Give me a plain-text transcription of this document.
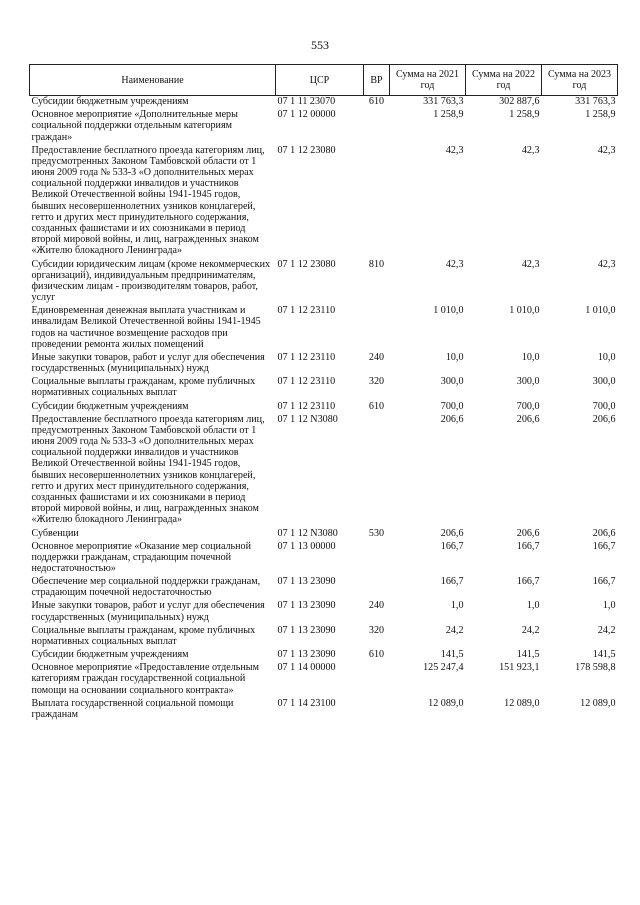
553
Наименование	ЦСР	ВР	Сумма на 2021 год	Сумма на 2022 год	Сумма на 2023 год
Субсидии бюджетным учреждениям	07 1 11 23070	610	331 763,3	302 887,6	331 763,3
Основное мероприятие «Дополнительные меры социальной поддержки отдельным категориям граждан»	07 1 12 00000		1 258,9	1 258,9	1 258,9
Предоставление бесплатного проезда категориям лиц, предусмотренных Законом Тамбовской области от 1 июня 2009 года № 533-З «О дополнительных мерах социальной поддержки инвалидов и участников Великой Отечественной войны 1941-1945 годов, бывших несовершеннолетних узников концлагерей, гетто и других мест принудительного содержания, созданных фашистами и их союзниками в период второй мировой войны, и лиц, награжденных знаком «Жителю блокадного Ленинграда»	07 1 12 23080		42,3	42,3	42,3
Субсидии юридическим лицам (кроме некоммерческих организаций), индивидуальным предпринимателям, физическим лицам - производителям товаров, работ, услуг	07 1 12 23080	810	42,3	42,3	42,3
Единовременная денежная выплата участникам и инвалидам Великой Отечественной войны 1941-1945 годов на частичное возмещение расходов при проведении ремонта жилых помещений	07 1 12 23110		1 010,0	1 010,0	1 010,0
Иные закупки товаров, работ и услуг для обеспечения государственных (муниципальных) нужд	07 1 12 23110	240	10,0	10,0	10,0
Социальные выплаты гражданам, кроме публичных нормативных социальных выплат	07 1 12 23110	320	300,0	300,0	300,0
Субсидии бюджетным учреждениям	07 1 12 23110	610	700,0	700,0	700,0
Предоставление бесплатного проезда категориям лиц, предусмотренных Законом Тамбовской области от 1 июня 2009 года № 533-З «О дополнительных мерах социальной поддержки инвалидов и участников Великой Отечественной войны 1941-1945 годов, бывших несовершеннолетних узников концлагерей, гетто и других мест принудительного содержания, созданных фашистами и их союзниками в период второй мировой войны, и лиц, награжденных знаком «Жителю блокадного Ленинграда»	07 1 12 N3080		206,6	206,6	206,6
Субвенции	07 1 12 N3080	530	206,6	206,6	206,6
Основное мероприятие «Оказание мер социальной поддержки гражданам, страдающим почечной недостаточностью»	07 1 13 00000		166,7	166,7	166,7
Обеспечение мер социальной поддержки гражданам, страдающим почечной недостаточностью	07 1 13 23090		166,7	166,7	166,7
Иные закупки товаров, работ и услуг для обеспечения государственных (муниципальных) нужд	07 1 13 23090	240	1,0	1,0	1,0
Социальные выплаты гражданам, кроме публичных нормативных социальных выплат	07 1 13 23090	320	24,2	24,2	24,2
Субсидии бюджетным учреждениям	07 1 13 23090	610	141,5	141,5	141,5
Основное мероприятие «Предоставление отдельным категориям граждан государственной социальной помощи на основании социального контракта»	07 1 14 00000		125 247,4	151 923,1	178 598,8
Выплата государственной социальной помощи гражданам	07 1 14 23100		12 089,0	12 089,0	12 089,0
